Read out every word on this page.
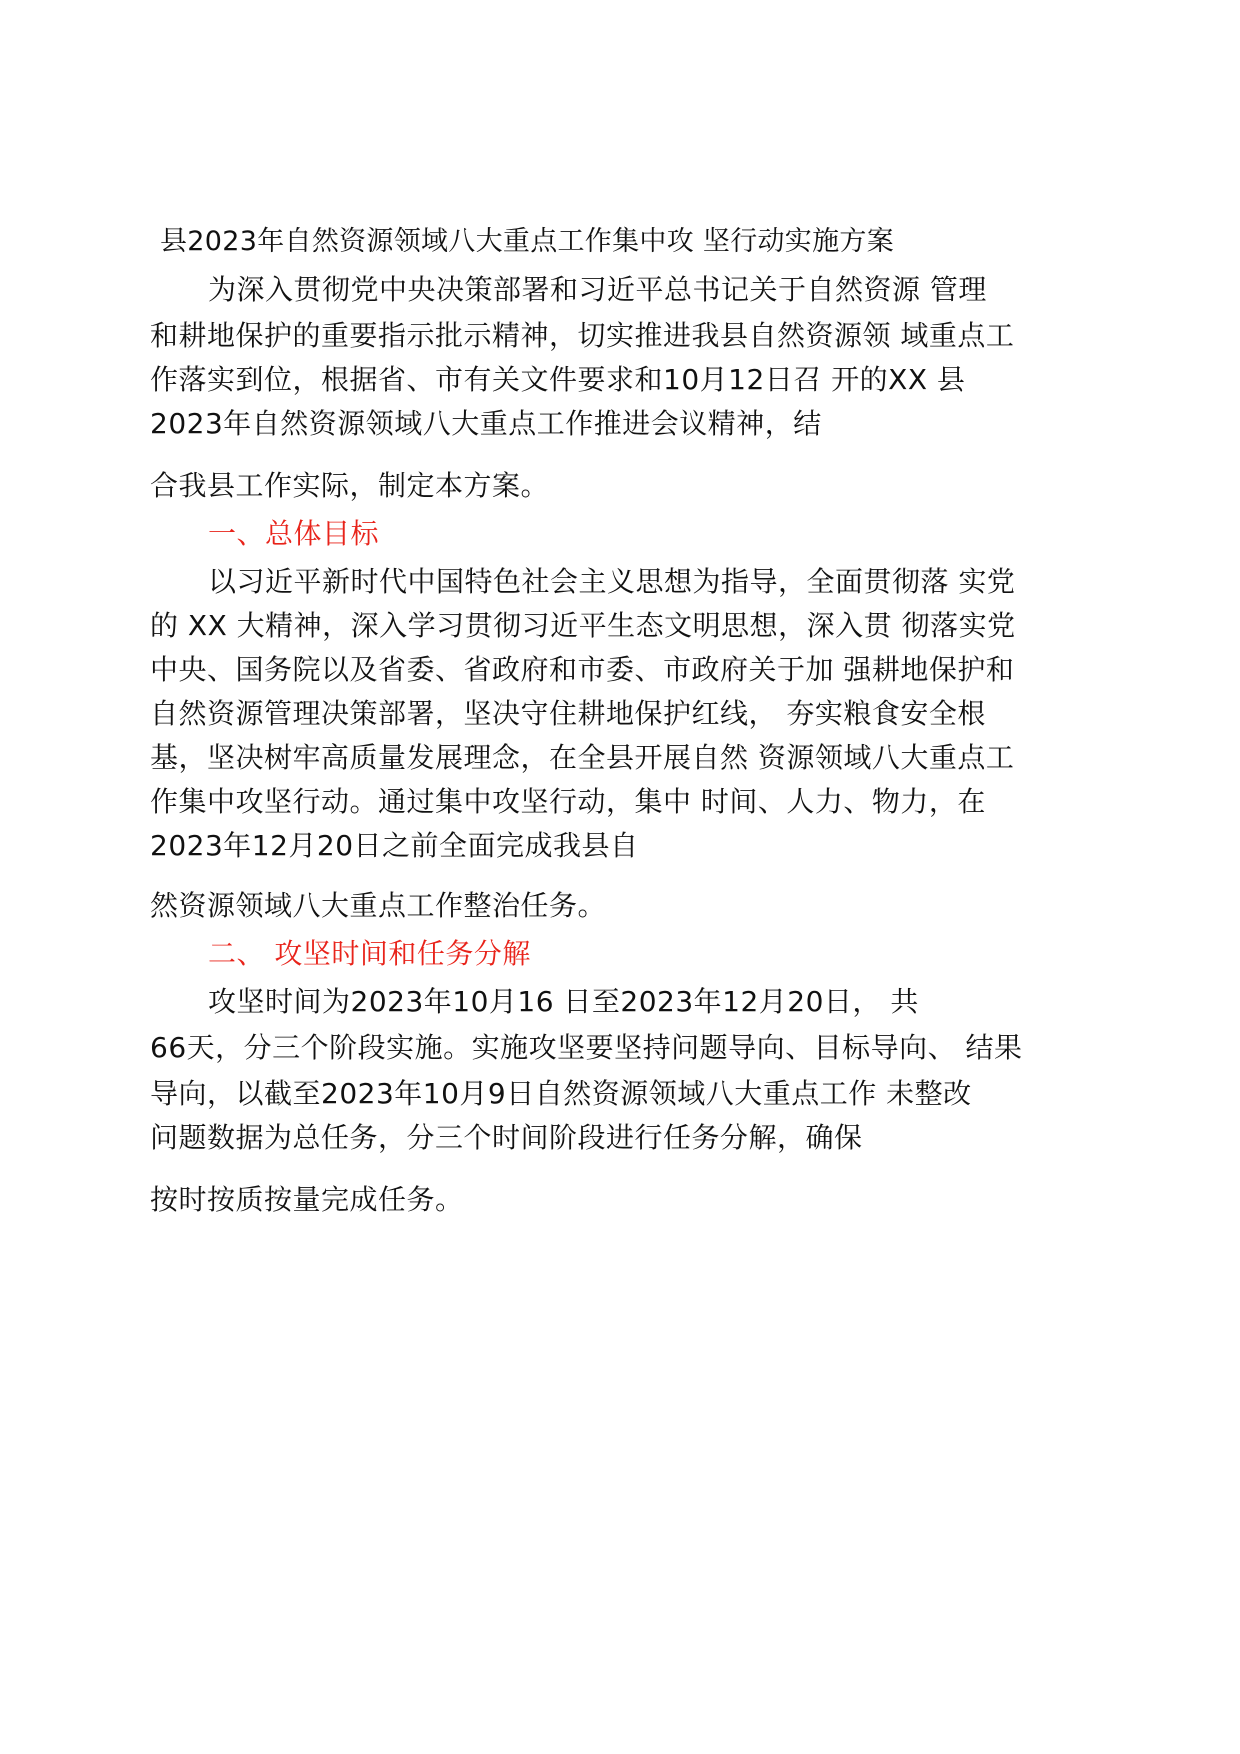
县2023年自然资源领域八大重点工作集中攻 坚行动实施方案
为深入贯彻党中央决策部署和习近平总书记关于自然资源 管理
和耕地保护的重要指示批示精神，切实推进我县自然资源领 域重点工
作落实到位，根据省、市有关文件要求和10月12日召 开的XX 县
2023年自然资源领域八大重点工作推进会议精神，结
合我县工作实际，制定本方案。
一、总体目标
以习近平新时代中国特色社会主义思想为指导，全面贯彻落 实党
的 XX 大精神，深入学习贯彻习近平生态文明思想，深入贯 彻落实党
中央、国务院以及省委、省政府和市委、市政府关于加 强耕地保护和
自然资源管理决策部署，坚决守住耕地保护红线， 夯实粮食安全根
基，坚决树牢高质量发展理念，在全县开展自然 资源领域八大重点工
作集中攻坚行动。通过集中攻坚行动，集中 时间、人力、物力，在
2023年12月20日之前全面完成我县自
然资源领域八大重点工作整治任务。
二、 攻坚时间和任务分解
攻坚时间为2023年10月16 日至2023年12月20日， 共
66天，分三个阶段实施。实施攻坚要坚持问题导向、目标导向、 结果
导向，以截至2023年10月9日自然资源领域八大重点工作 未整改
问题数据为总任务，分三个时间阶段进行任务分解，确保
按时按质按量完成任务。
